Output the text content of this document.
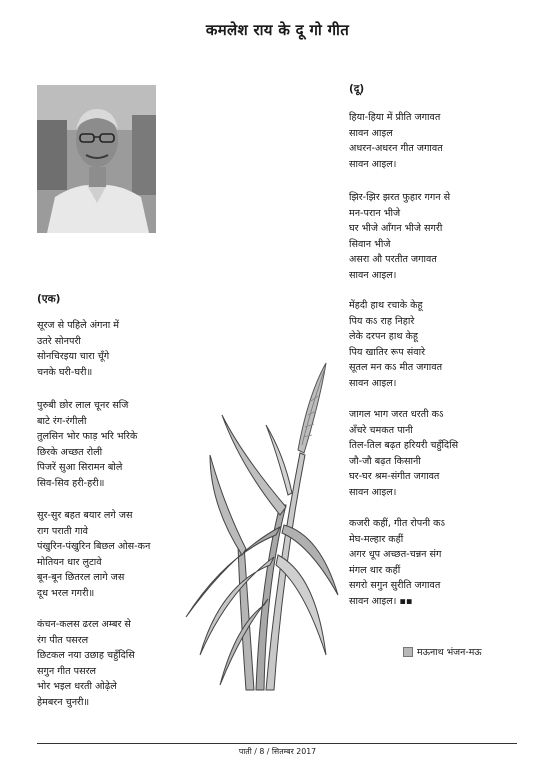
कमलेश राय के दू गो गीत
(एक)
सूरज से पहिले अंगना में
उतरे सोनपरी
सोनचिरइया चारा चूँगे
चनके घरी-घरी॥
पुरुबी छोर लाल चूनर सजि
बाटे रंग-रंगीली
तुलसिन भोर फाड़ भरि भरिके
छिरके अच्छत रोली
पिजरें सुआ सिरामन बोले
सिव-सिव हरी-हरी॥
सुर-सुर बहत बयार लगे जस
राग पराती गावे
पंखुरिन-पंखुरिन बिछल ओस-कन
मोतियन धार लुटावे
बून-बून छितरल लागे जस
दूध भरल गगरी॥
कंचन-कलस ढरल अम्बर से
रंग पीत पसरल
छिटकल नया उछाह चहुँदिसि
सगुन गीत पसरल
भोर भइल धरती ओढ़ेले
हेमबरन चुनरी॥
(दू)
हिया-हिया में प्रीति जगावत
सावन आइल
अधरन-अधरन गीत जगावत
सावन आइल।
झिर-झिर झरत फुहार गगन से
मन-परान भीजे
घर भीजे आँगन भीजे सगरी
सिवान भीजे
असरा औ परतीत जगावत
सावन आइल।
मेंहदी हाथ रचाके केहू
पिय कऽ राह निहारे
लेके दरपन हाथ केहू
पिय खातिर रूप संवारे
सूतल मन कऽ मीत जगावत
सावन आइल।
जागल भाग जरत धरती कऽ
अँचरे चमकत पानी
तिल-तिल बढ़त हरियरी चहुँदिसि
जौ-जौ बढ़त किसानी
घर-घर श्रम-संगीत जगावत
सावन आइल।
कजरी कहीं, गीत रोपनी कऽ
मेघ-मल्हार कहीं
अगर धूप अच्छत-चन्नन संग
मंगल थार कहीं
सगरो सगुन सुरीति जगावत
सावन आइल। ▪▪
मऊनाथ भंजन-मऊ
पाती / 8 / सितम्बर 2017
